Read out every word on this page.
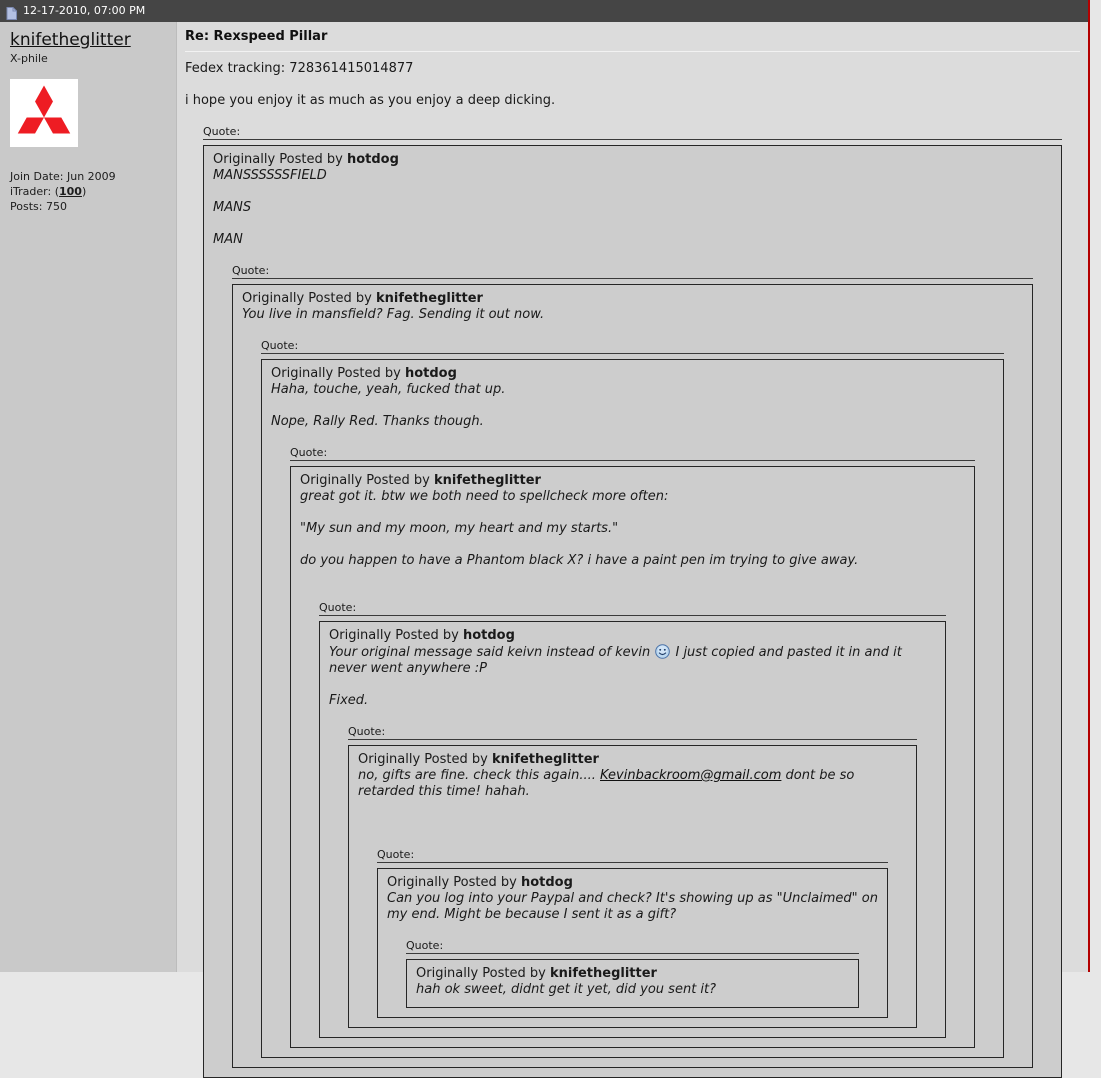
12-17-2010, 07:00 PM
knifetheglitter
X-phile
Join Date: Jun 2009
iTrader: (100)
Posts: 750
Re: Rexspeed Pillar
Fedex tracking: 728361415014877

i hope you enjoy it as much as you enjoy a deep dicking.
Quote:
Originally Posted by hotdog
MANSSSSSSFIELD

MANS

MAN
Quote:
Originally Posted by knifetheglitter
You live in mansfield? Fag. Sending it out now.
Quote:
Originally Posted by hotdog
Haha, touche, yeah, fucked that up.

Nope, Rally Red. Thanks though.
Quote:
Originally Posted by knifetheglitter
great got it. btw we both need to spellcheck more often:

"My sun and my moon, my heart and my starts."

do you happen to have a Phantom black X? i have a paint pen im trying to give away.

Quote:
Originally Posted by hotdog
Your original message said keivn instead of kevin  I just copied and pasted it in and it never went anywhere :P

Fixed.
Quote:
Originally Posted by knifetheglitter
no, gifts are fine. check this again.... Kevinbackroom@gmail.com dont be so retarded this time! hahah.

Quote:
Originally Posted by hotdog
Can you log into your Paypal and check? It's showing up as "Unclaimed" on my end. Might be because I sent it as a gift?
Quote:
Originally Posted by knifetheglitter
hah ok sweet, didnt get it yet, did you sent it?
